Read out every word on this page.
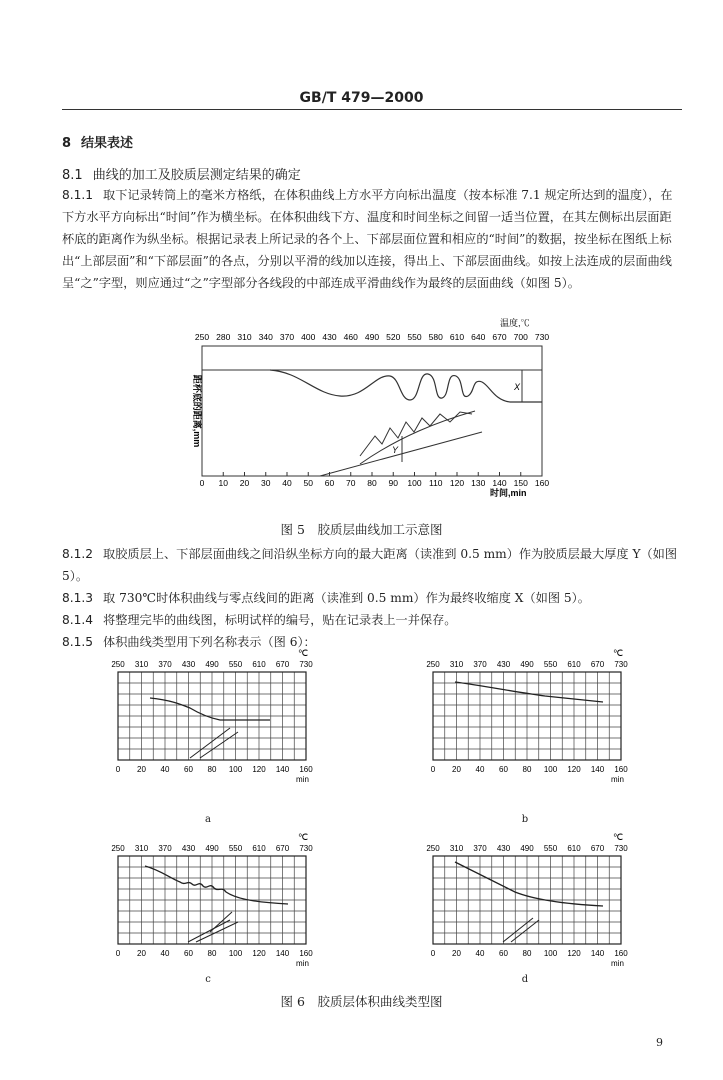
GB/T 479—2000
8 结果表述
8.1 曲线的加工及胶质层测定结果的确定
8.1.1 取下记录转筒上的毫米方格纸，在体积曲线上方水平方向标出温度（按本标准 7.1 规定所达到的温度），在下方水平方向标出“时间”作为横坐标。在体积曲线下方、温度和时间坐标之间留一适当位置，在其左侧标出层面距杯底的距离作为纵坐标。根据记录表上所记录的各个上、下部层面位置和相应的“时间”的数据，按坐标在图纸上标出“上部层面”和“下部层面”的各点，分别以平滑的线加以连接，得出上、下部层面曲线。如按上法连成的层面曲线呈“之”字型，则应通过“之”字型部分各线段的中部连成平滑曲线作为最终的层面曲线（如图 5）。
温度,℃
250 280 310 340 370 400 430 460 490 520 550 580 610 640 670 700 730
X
Y
0 10 20 30 40 50 60 70 80 90 100 110 120 130 140 150 160
时间,min
距杯底的距离,mm
图 5　胶质层曲线加工示意图
8.1.2 取胶质层上、下部层面曲线之间沿纵坐标方向的最大距离（读准到 0.5 mm）作为胶质层最大厚度 Y（如图 5）。
8.1.3 取 730℃时体积曲线与零点线间的距离（读准到 0.5 mm）作为最终收缩度 X（如图 5）。
8.1.4 将整理完毕的曲线图，标明试样的编号，贴在记录表上一并保存。
8.1.5 体积曲线类型用下列名称表示（图 6）：
℃
250 310 370 430 490 550 610 670 730
0 20 40 60 80 100 120 140 160
min
℃
250 310 370 430 490 550 610 670 730
0 20 40 60 80 100 120 140 160
min
℃
250 310 370 430 490 550 610 670 730
0 20 40 60 80 100 120 140 160
min
℃
250 310 370 430 490 550 610 670 730
0 20 40 60 80 100 120 140 160
min
a	b
c	d
图 6　胶质层体积曲线类型图
9
